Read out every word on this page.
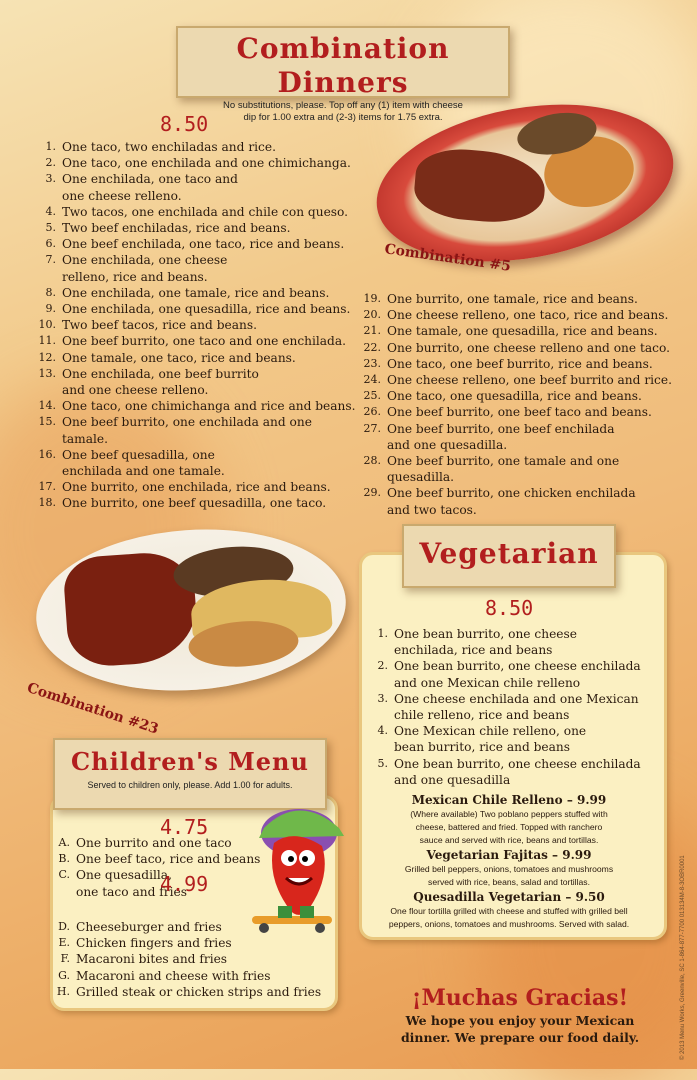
Combination Dinners
No substitutions, please. Top off any (1) item with cheese
dip for 1.00 extra and (2-3) items for 1.75 extra.
8.50
1. One taco, two enchiladas and rice.
2. One taco, one enchilada and one chimichanga.
3. One enchilada, one taco and
one cheese relleno.
4. Two tacos, one enchilada and chile con queso.
5. Two beef enchiladas, rice and beans.
6. One beef enchilada, one taco, rice and beans.
7. One enchilada, one cheese
relleno, rice and beans.
8. One enchilada, one tamale, rice and beans.
9. One enchilada, one quesadilla, rice and beans.
10. Two beef tacos, rice and beans.
11. One beef burrito, one taco and one enchilada.
12. One tamale, one taco, rice and beans.
13. One enchilada, one beef burrito
and one cheese relleno.
14. One taco, one chimichanga and rice and beans.
15. One beef burrito, one enchilada and one tamale.
16. One beef quesadilla, one
enchilada and one tamale.
17. One burrito, one enchilada, rice and beans.
18. One burrito, one beef quesadilla, one taco.
19. One burrito, one tamale, rice and beans.
20. One cheese relleno, one taco, rice and beans.
21. One tamale, one quesadilla, rice and beans.
22. One burrito, one cheese relleno and one taco.
23. One taco, one beef burrito, rice and beans.
24. One cheese relleno, one beef burrito and rice.
25. One taco, one quesadilla, rice and beans.
26. One beef burrito, one beef taco and beans.
27. One beef burrito, one beef enchilada
and one quesadilla.
28. One beef burrito, one tamale and one quesadilla.
29. One beef burrito, one chicken enchilada
and two tacos.
Combination #5
Combination #23
Vegetarian
8.50
1. One bean burrito, one cheese
enchilada, rice and beans
2. One bean burrito, one cheese enchilada
and one Mexican chile relleno
3. One cheese enchilada and one Mexican
chile relleno, rice and beans
4. One Mexican chile relleno, one
bean burrito, rice and beans
5. One bean burrito, one cheese enchilada
and one quesadilla
Mexican Chile Relleno – 9.99
(Where available) Two poblano peppers stuffed with
cheese, battered and fried. Topped with ranchero
sauce and served with rice, beans and tortillas.
Vegetarian Fajitas – 9.99
Grilled bell peppers, onions, tomatoes and mushrooms
served with rice, beans, salad and tortillas.
Quesadilla Vegetarian – 9.50
One flour tortilla grilled with cheese and stuffed with grilled bell
peppers, onions, tomatoes and mushrooms. Served with salad.
Children's Menu
Served to children only, please. Add 1.00 for adults.
4.75
A. One burrito and one taco
B. One beef taco, rice and beans
C. One quesadilla,
one taco and fries
4.99
D. Cheeseburger and fries
E. Chicken fingers and fries
F. Macaroni bites and fries
G. Macaroni and cheese with fries
H. Grilled steak or chicken strips and fries	¡Muchas Gracias!
We hope you enjoy your Mexican
dinner. We prepare our food daily.	© 2013 Menu Works, Greenville, SC 1-864-877-7700 013134M-8-3OBR0001
